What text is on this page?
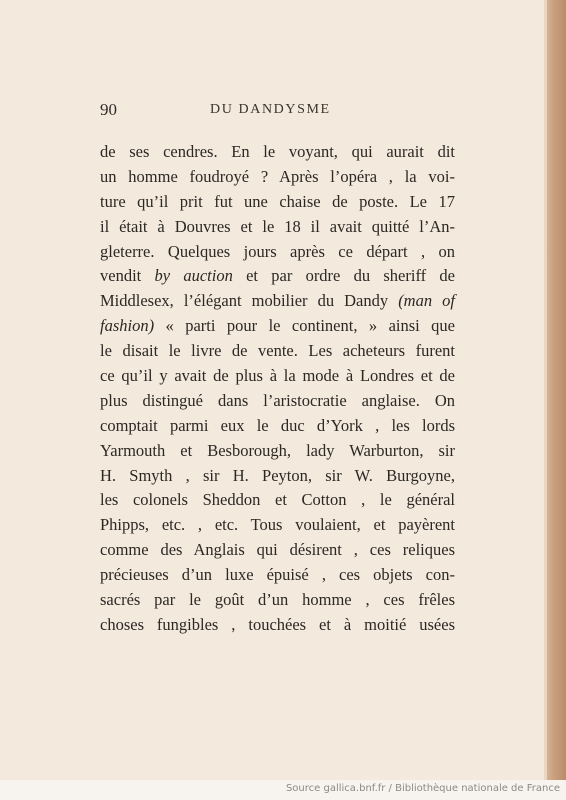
90	DU DANDYSME
de ses cendres. En le voyant, qui aurait dit
un homme foudroyé ? Après l’opéra , la voi-
ture qu’il prit fut une chaise de poste. Le 17
il était à Douvres et le 18 il avait quitté l’An-
gleterre. Quelques jours après ce départ , on
vendit by auction et par ordre du sheriff de
Middlesex, l’élégant mobilier du Dandy (man of
fashion) « parti pour le continent, » ainsi que
le disait le livre de vente. Les acheteurs furent
ce qu’il y avait de plus à la mode à Londres et de
plus distingué dans l’aristocratie anglaise. On
comptait parmi eux le duc d’York , les lords
Yarmouth et Besborough, lady Warburton, sir
H. Smyth , sir H. Peyton, sir W. Burgoyne,
les colonels Sheddon et Cotton , le général
Phipps, etc. , etc. Tous voulaient, et payèrent
comme des Anglais qui désirent , ces reliques
précieuses d’un luxe épuisé , ces objets con-
sacrés par le goût d’un homme , ces frêles
choses fungibles , touchées et à moitié usées
Source gallica.bnf.fr / Bibliothèque nationale de France
